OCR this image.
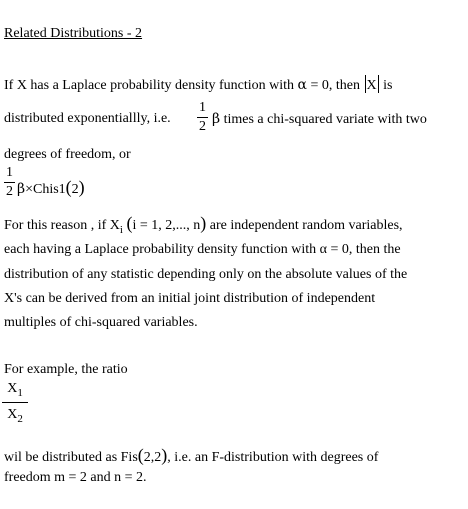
Related Distributions - 2
If X has a Laplace probability density function with α = 0, then X is
distributed exponentiallly, i.e.
1
2 β times a chi-squared variate with two
degrees of freedom, or
1
2 β×Chis1(2)
For this reason , if $X_i$ (i = 1, 2,..., n) are independent random variables,
each having a Laplace probability density function with α = 0, then the
distribution of any statistic depending only on the absolute values of the
X's can be derived from an initial joint distribution of independent
multiples of chi-squared variables.
For example, the ratio
$X_1$
$X_2$
wil be distributed as Fis(2,2), i.e. an F-distribution with degrees of
freedom m = 2 and n = 2.
